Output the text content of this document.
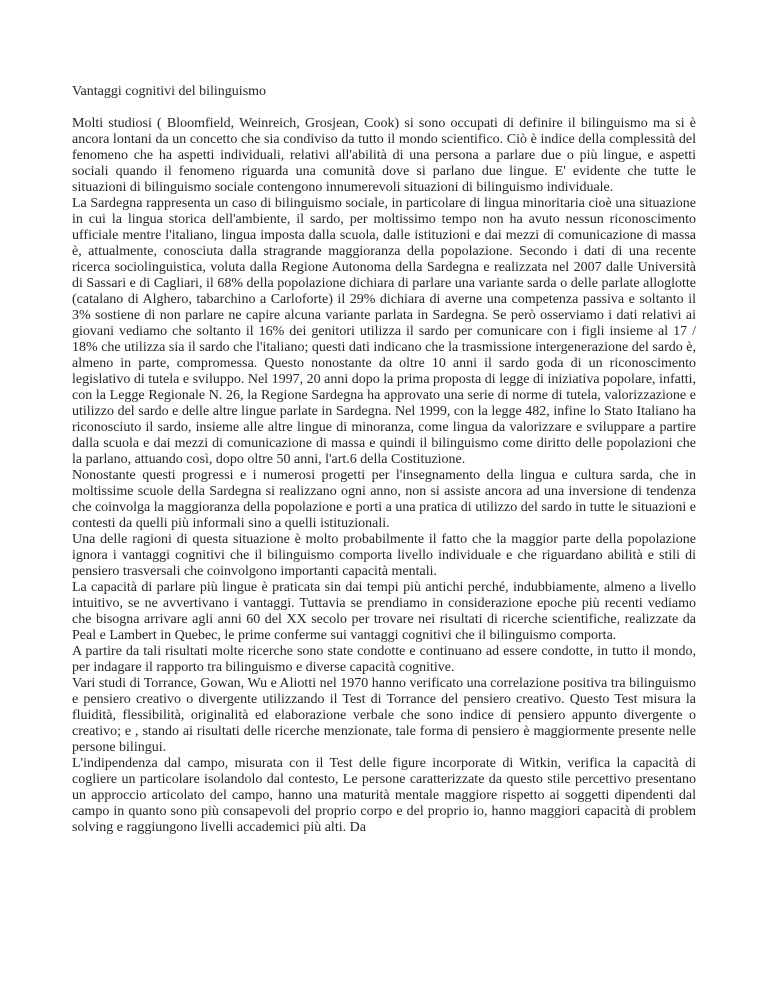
Vantaggi cognitivi del bilinguismo

Molti studiosi ( Bloomfield, Weinreich, Grosjean, Cook) si sono occupati di definire il bilinguismo ma si è ancora lontani da un concetto che sia condiviso da tutto il mondo scientifico. Ciò è indice della complessità del fenomeno che ha aspetti individuali, relativi all'abilità di una persona a parlare due o più lingue, e aspetti sociali quando il fenomeno riguarda una comunità dove si parlano due lingue. E' evidente che tutte le situazioni di bilinguismo sociale contengono innumerevoli situazioni di bilinguismo individuale.

La Sardegna rappresenta un caso di bilinguismo sociale, in particolare di lingua minoritaria cioè una situazione in cui la lingua storica dell'ambiente, il sardo, per moltissimo tempo non ha avuto nessun riconoscimento ufficiale mentre l'italiano, lingua imposta dalla scuola, dalle istituzioni e dai mezzi di comunicazione di massa è, attualmente, conosciuta dalla stragrande maggioranza della popolazione. Secondo i dati di una recente ricerca sociolinguistica, voluta dalla Regione Autonoma della Sardegna e realizzata nel 2007 dalle Università di Sassari e di Cagliari, il 68% della popolazione dichiara di parlare una variante sarda o delle parlate alloglotte (catalano di Alghero, tabarchino a Carloforte) il 29% dichiara di averne una competenza passiva e soltanto il 3% sostiene di non parlare ne capire alcuna variante parlata in Sardegna. Se però osserviamo i dati relativi ai giovani vediamo che soltanto il 16% dei genitori utilizza il sardo per comunicare con i figli insieme al 17 / 18% che utilizza sia il sardo che l'italiano; questi dati indicano che la trasmissione intergenerazione del sardo è, almeno in parte, compromessa. Questo nonostante da oltre 10 anni il sardo goda di un riconoscimento legislativo di tutela e sviluppo. Nel 1997, 20 anni dopo la prima proposta di legge di iniziativa popolare, infatti, con la Legge Regionale N. 26, la Regione Sardegna ha approvato una serie di norme di tutela, valorizzazione e utilizzo del sardo e delle altre lingue parlate in Sardegna. Nel 1999, con la legge 482, infine lo Stato Italiano ha riconosciuto il sardo, insieme alle altre lingue di minoranza, come lingua da valorizzare e sviluppare a partire dalla scuola e dai mezzi di comunicazione di massa e quindi il bilinguismo come diritto delle popolazioni che la parlano, attuando così, dopo oltre 50 anni, l'art.6 della Costituzione.

Nonostante questi progressi e i numerosi progetti per l'insegnamento della lingua e cultura sarda, che in moltissime scuole della Sardegna si realizzano ogni anno, non si assiste ancora ad una inversione di tendenza che coinvolga la maggioranza della popolazione e porti a una pratica di utilizzo del sardo in tutte le situazioni e contesti da quelli più informali sino a quelli istituzionali.

Una delle ragioni di questa situazione è molto probabilmente il fatto che la maggior parte della popolazione ignora i vantaggi cognitivi che il bilinguismo comporta livello individuale e che riguardano abilità e stili di pensiero trasversali che coinvolgono importanti capacità mentali.

La capacità di parlare più lingue è praticata sin dai tempi più antichi perché, indubbiamente, almeno a livello intuitivo, se ne avvertivano i vantaggi. Tuttavia se prendiamo in considerazione epoche più recenti vediamo che bisogna arrivare agli anni 60 del XX secolo per trovare nei risultati di ricerche scientifiche, realizzate da Peal e Lambert in Quebec, le prime conferme sui vantaggi cognitivi che il bilinguismo comporta.

A partire da tali risultati molte ricerche sono state condotte e continuano ad essere condotte, in tutto il mondo, per indagare il rapporto tra bilinguismo e diverse capacità cognitive.

Vari studi di Torrance, Gowan, Wu e Aliotti nel 1970 hanno verificato una correlazione positiva tra bilinguismo e pensiero creativo o divergente utilizzando il Test di Torrance del pensiero creativo. Questo Test misura la fluidità, flessibilità, originalità ed elaborazione verbale che sono indice di pensiero appunto divergente o creativo; e , stando ai risultati delle ricerche menzionate, tale forma di pensiero è maggiormente presente nelle persone bilingui.

L'indipendenza dal campo, misurata con il Test delle figure incorporate di Witkin, verifica la capacità di cogliere un particolare isolandolo dal contesto, Le persone caratterizzate da questo stile percettivo presentano un approccio articolato del campo, hanno una maturità mentale maggiore rispetto ai soggetti dipendenti dal campo in quanto sono più consapevoli del proprio corpo e del proprio io, hanno maggiori capacità di problem solving e raggiungono livelli accademici più alti. Da
